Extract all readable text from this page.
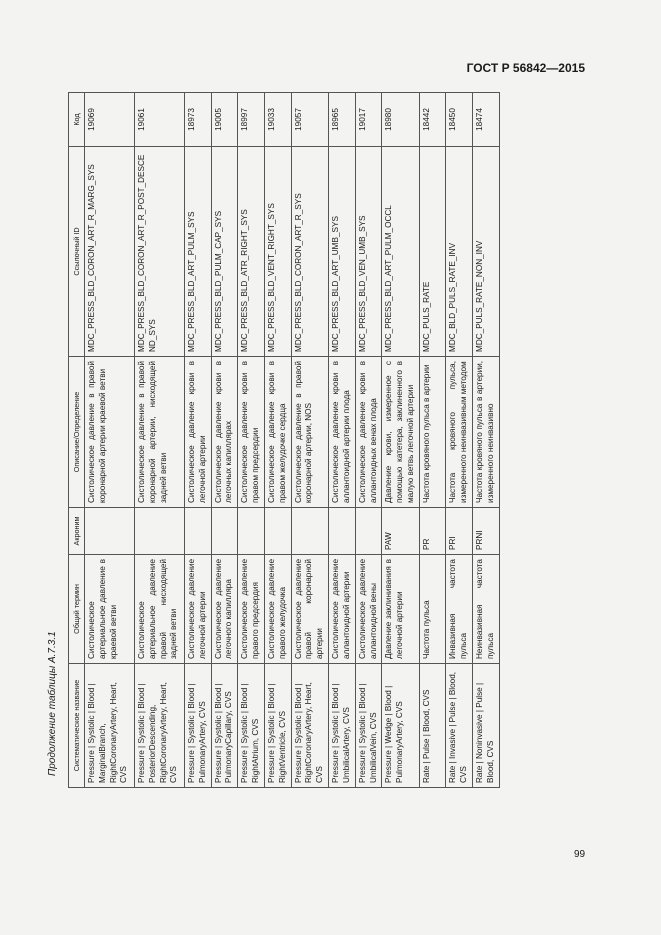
ГОСТ Р 56842—2015
Продолжение таблицы А.7.3.1 Систематическое название	Общий термин	Акроним	Описание/Определение	Ссылочный ID	Код
Pressure | Systolic | Blood | MarginalBranch, RightCoronaryArtery, Heart, CVS	Систолическое артериальное давление в краевой ветви		Систолическое давление в правой коронарной артерии краевой ветви	MDC_PRESS_BLD_CORON_ART_R_MARG_SYS	19069
Pressure | Systolic | Blood | PosteriorDescending, RightCoronaryArtery, Heart, CVS	Систолическое артериальное давление правой нисходящей задней ветви		Систолическое давление в правой коронарной артерии, нисходящей задней ветви	MDC_PRESS_BLD_CORON_ART_R_POST_DESCEND_SYS	19061
Pressure | Systolic | Blood | PulmonaryArtery, CVS	Систолическое давление легочной артерии		Систолическое давление крови в легочной артерии	MDC_PRESS_BLD_ART_PULM_SYS	18973
Pressure | Systolic | Blood | PulmonaryCapillary, CVS	Систолическое давление легочного капилляра		Систолическое давление крови в легочных капиллярах	MDC_PRESS_BLD_PULM_CAP_SYS	19005
Pressure | Systolic | Blood | RightAtrium, CVS	Систолическое давление правого предсердия		Систолическое давление крови в правом предсердии	MDC_PRESS_BLD_ATR_RIGHT_SYS	18997
Pressure | Systolic | Blood | RightVentricle, CVS	Систолическое давление правого желудочка		Систолическое давление крови в правом желудочке сердца	MDC_PRESS_BLD_VENT_RIGHT_SYS	19033
Pressure | Systolic | Blood | RightCoronaryArtery, Heart, CVS	Систолическое давление правой коронарной артерии		Систолическое давление в правой коронарной артерии, NOS	MDC_PRESS_BLD_CORON_ART_R_SYS	19057
Pressure | Systolic | Blood | UmbilicalArtery, CVS	Систолическое давление аллантоидной артерии		Систолическое давление крови в аллантоидной артерии плода	MDC_PRESS_BLD_ART_UMB_SYS	18965
Pressure | Systolic | Blood | UmbilicalVein, CVS	Систолическое давление аллантоидной вены		Систолическое давление крови в аллантоидных венах плода	MDC_PRESS_BLD_VEN_UMB_SYS	19017
Pressure | Wedge | Blood | PulmonaryArtery, CVS	Давление заклинивания в легочной артерии	PAW	Давление крови, измеренное с помощью катетера, заклиненного в малую ветвь легочной артерии	MDC_PRESS_BLD_ART_PULM_OCCL	18980
Rate | Pulse | Blood, CVS	Частота пульса	PR	Частота кровяного пульса в артерии	MDC_PULS_RATE	18442
Rate | Invasive | Pulse | Blood, CVS	Инвазивная частота пульса	PRI	Частота кровяного пульса, измеренного неинвазивным методом	MDC_BLD_PULS_RATE_INV	18450
Rate | Noninvasive | Pulse | Blood, CVS	Неинвазивная частота пульса	PRNI	Частота кровяного пульса в артерии, измеренного неинвазивно	MDC_PULS_RATE_NON_INV	18474
99
